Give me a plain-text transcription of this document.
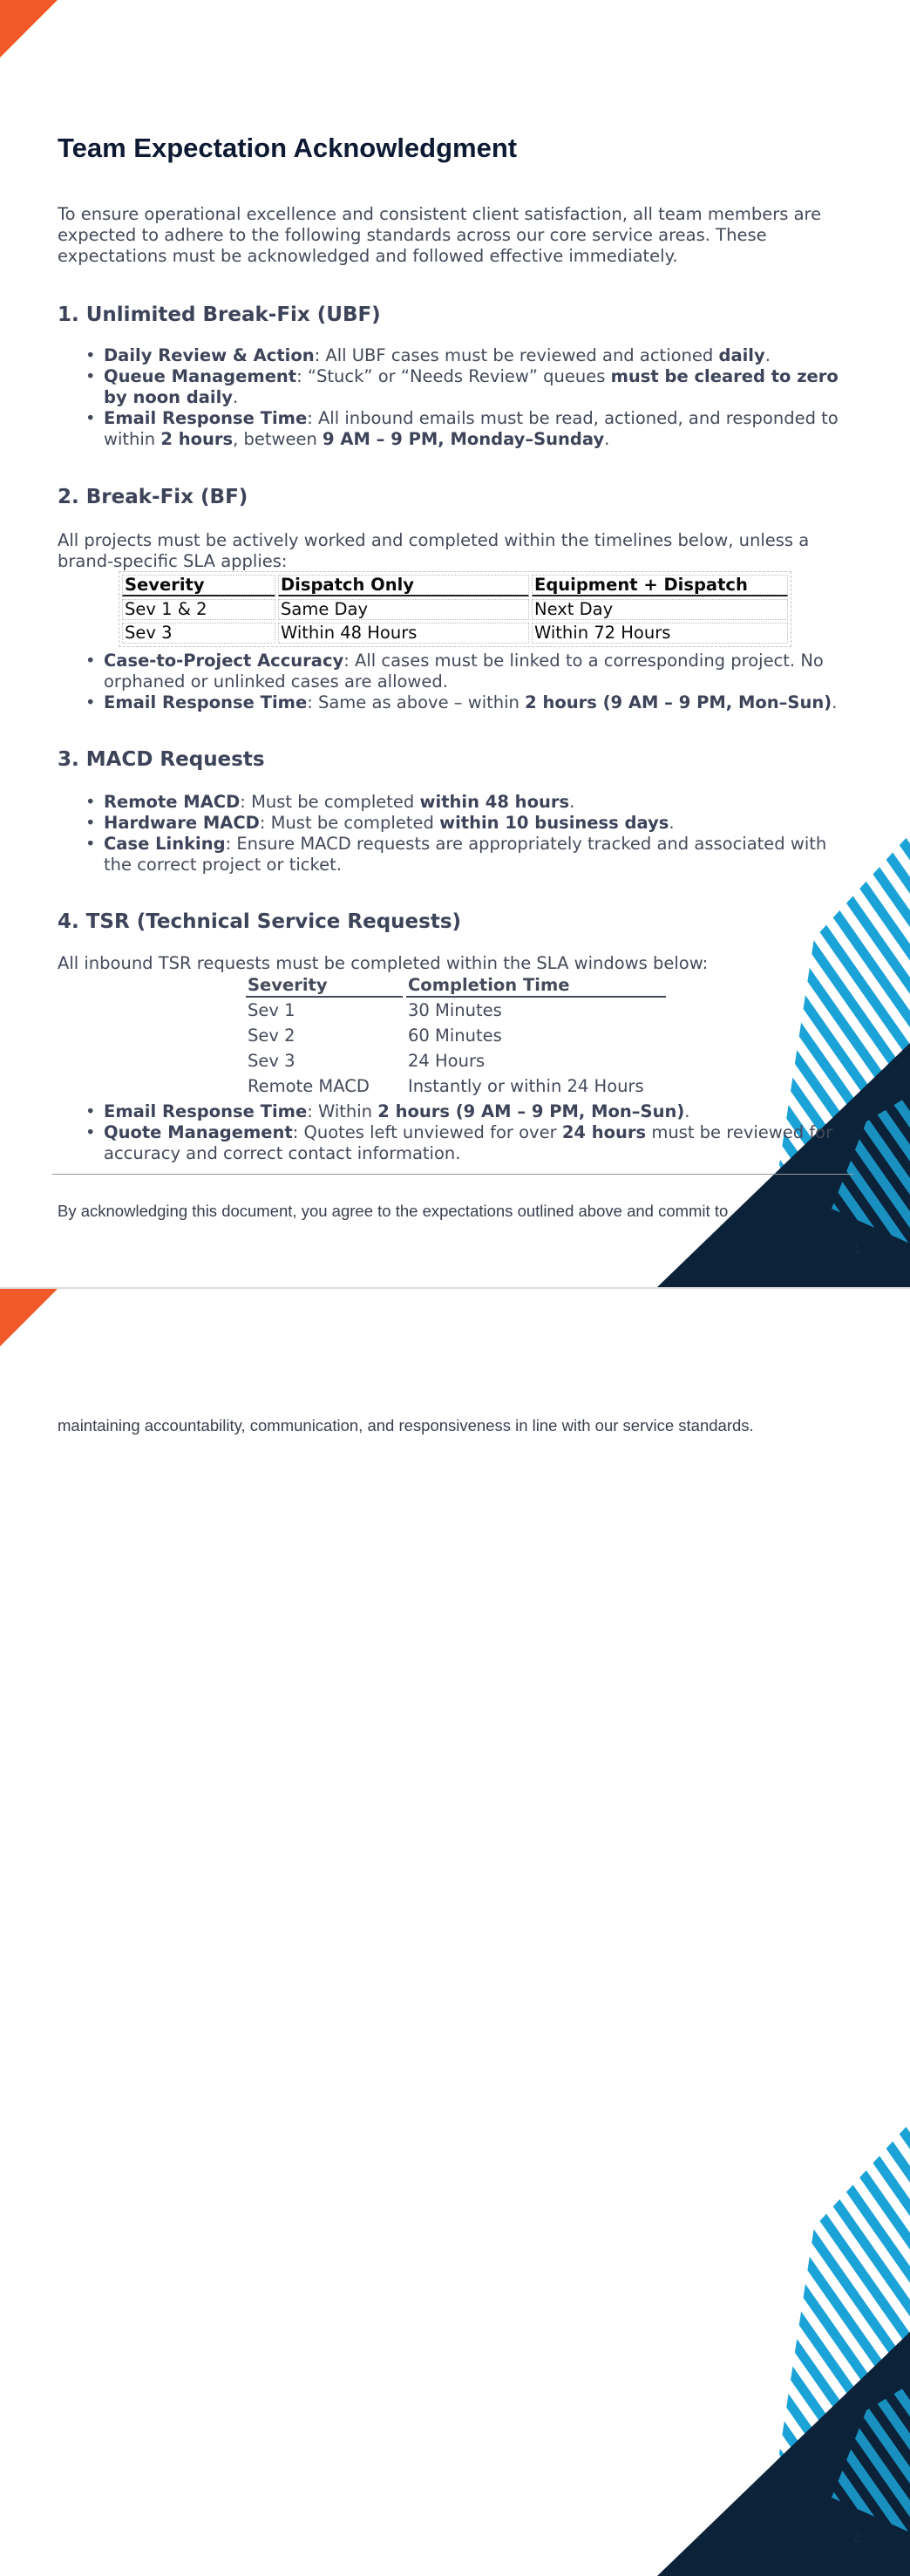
Team Expectation Acknowledgment

To ensure operational excellence and consistent client satisfaction, all team members are expected to adhere to the following standards across our core service areas. These expectations must be acknowledged and followed effective immediately.

1. Unlimited Break-Fix (UBF)
• Daily Review & Action: All UBF cases must be reviewed and actioned daily.
• Queue Management: “Stuck” or “Needs Review” queues must be cleared to zero by noon daily.
• Email Response Time: All inbound emails must be read, actioned, and responded to within 2 hours, between 9 AM – 9 PM, Monday–Sunday.
2. Break-Fix (BF)

All projects must be actively worked and completed within the timelines below, unless a brand-specific SLA applies:

Severity	Dispatch Only	Equipment + Dispatch
Sev 1 & 2	Same Day	Next Day
Sev 3	Within 48 Hours	Within 72 Hours
• Case-to-Project Accuracy: All cases must be linked to a corresponding project. No orphaned or unlinked cases are allowed.
• Email Response Time: Same as above – within 2 hours (9 AM – 9 PM, Mon–Sun).
3. MACD Requests
• Remote MACD: Must be completed within 48 hours.
• Hardware MACD: Must be completed within 10 business days.
• Case Linking: Ensure MACD requests are appropriately tracked and associated with the correct project or ticket.
4. TSR (Technical Service Requests)

All inbound TSR requests must be completed within the SLA windows below:

Severity	Completion Time
Sev 1	30 Minutes
Sev 2	60 Minutes
Sev 3	24 Hours
Remote MACD	Instantly or within 24 Hours
• Email Response Time: Within 2 hours (9 AM – 9 PM, Mon–Sun).
• Quote Management: Quotes left unviewed for over 24 hours must be reviewed for accuracy and correct contact information.
By acknowledging this document, you agree to the expectations outlined above and commit to
1
maintaining accountability, communication, and responsiveness in line with our service standards.
2
